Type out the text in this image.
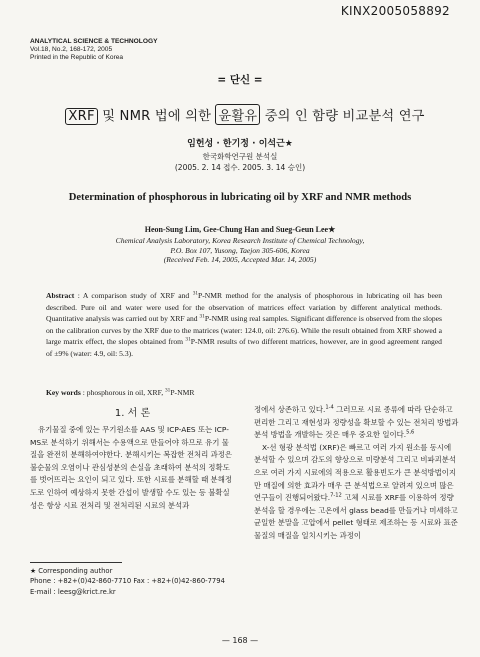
KINX2005058892
ANALYTICAL SCIENCE & TECHNOLOGY
Vol.18, No.2, 168-172, 2005
Printed in the Republic of Korea
= 단신 =
XRF 및 NMR 법에 의한 윤활유 중의 인 함량 비교분석 연구
임헌성 · 한기정 · 이석근★
한국화학연구원 분석실
(2005. 2. 14 접수. 2005. 3. 14 승인)
Determination of phosphorous in lubricating oil by XRF and NMR methods
Heon-Sung Lim, Gee-Chung Han and Sueg-Geun Lee★
Chemical Analysis Laboratory, Korea Research Institute of Chemical Technology,
P.O. Box 107, Yusong, Taejon 305-606, Korea
(Received Feb. 14, 2005, Accepted Mar. 14, 2005)
Abstract : A comparison study of XRF and $^{31}$P-NMR method for the analysis of phosphorous in lubricating oil has been described. Pure oil and water were used for the observation of matrices effect variation by different analytical methods. Quantitative analysis was carried out by XRF and $^{31}$P-NMR using real samples. Significant difference is observed from the slopes on the calibration curves by the XRF due to the matrices (water: 124.0, oil: 276.6). While the result obtained from XRF showed a large matrix effect, the slopes obtained from $^{31}$P-NMR results of two different matrices, however, are in good agreement ranged of ±9% (water: 4.9, oil: 5.3).
Key words : phosphorous in oil, XRF, $^{31}$P-NMR
1. 서 론

유기물질 중에 있는 무기원소를 AAS 및 ICP-AES 또는 ICP-MS로 분석하기 위해서는 수용액으로 만들어야 하므로 유기 물질을 완전히 분해하여야한다. 분해시키는 복잡한 전처리 과정은 불순물의 오염이나 관심성분의 손실을 초래하여 분석의 정확도를 벗어뜨리는 요인이 되고 있다. 또한 시료를 분해할 때 분해정도로 인하여 예상하지 못한 간섭이 발생할 수도 있는 등 불확실성은 항상 시료 전처리 및 전처리된 시료의 분석과

정에서 상존하고 있다.$^{1-4}$ 그러므로 시료 종류에 따라 단순하고 편리한 그리고 재현성과 정량성을 확보할 수 있는 전처리 방법과 분석 방법을 개발하는 것은 매우 중요한 일이다.$^{5,6}$

X-선 형광 분석법 (XRF)은 빠르고 여러 가지 원소를 동시에 분석할 수 있으며 감도의 향상으로 미량분석 그리고 비파괴분석으로 여러 가지 시료에의 적용으로 활용빈도가 큰 분석방법이지만 매질에 의한 효과가 매우 큰 분석법으로 알려져 있으며 많은 연구들이 진행되어왔다.$^{7-12}$ 고체 시료를 XRF를 이용하여 정량 분석을 할 경우에는 고온에서 glass bead를 만들거나 미세하고 균일한 분말을 고압에서 pellet 형태로 제조하는 등 시료와 표준물질의 매질을 일치시키는 과정이

★ Corresponding author
Phone : +82+(0)42-860-7710 Fax : +82+(0)42-860-7794
E-mail : leesg@krict.re.kr
— 168 —
